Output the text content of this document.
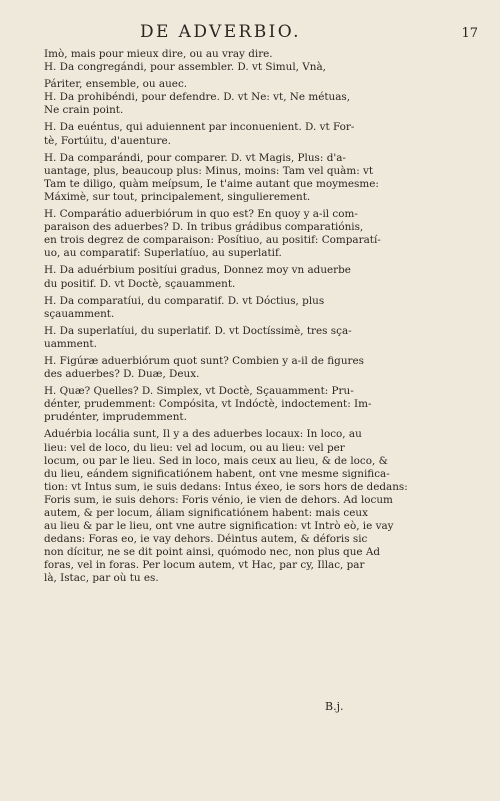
DE ADVERBIO.	17
Imò, mais pour mieux dire, ou au vray dire.
H. Da congregándi, pour assembler. D. vt Simul, Vnà,
Páriter, ensemble, ou auec.
H. Da prohibéndi, pour defendre. D. vt Ne: vt, Ne métuas,
Ne crain point.
H. Da euéntus, qui aduiennent par inconuenient. D. vt For-
tè, Fortúitu, d'auenture.
H. Da comparándi, pour comparer. D. vt Magis, Plus: d'a-
uantage, plus, beaucoup plus: Minus, moins: Tam vel quàm: vt
Tam te diligo, quàm meípsum, Ie t'aime autant que moymesme:
Máximè, sur tout, principalement, singulierement.
H. Comparátio aduerbiórum in quo est? En quoy y a-il com-
paraison des aduerbes? D. In tribus grádibus comparatiónis,
en trois degrez de comparaison: Posítiuo, au positif: Comparatí-
uo, au comparatif: Superlatíuo, au superlatif.
H. Da aduérbium positíui gradus, Donnez moy vn aduerbe
du positif. D. vt Doctè, sçauamment.
H. Da comparatíui, du comparatif. D. vt Dóctius, plus
sçauamment.
H. Da superlatíui, du superlatif. D. vt Doctíssimè, tres sça-
uamment.
H. Figúræ aduerbiórum quot sunt? Combien y a-il de figures
des aduerbes? D. Duæ, Deux.
H. Quæ? Quelles? D. Simplex, vt Doctè, Sçauamment: Pru-
dénter, prudemment: Compósita, vt Indóctè, indoctement: Im-
prudénter, imprudemment.
Aduérbia locália sunt, Il y a des aduerbes locaux: In loco, au
lieu: vel de loco, du lieu: vel ad locum, ou au lieu: vel per
locum, ou par le lieu. Sed in loco, mais ceux au lieu, & de loco, &
du lieu, eándem significatiónem habent, ont vne mesme significa-
tion: vt Intus sum, ie suis dedans: Intus éxeo, ie sors hors de dedans:
Foris sum, ie suis dehors: Foris vénio, ie vien de dehors. Ad locum
autem, & per locum, áliam significatiónem habent: mais ceux
au lieu & par le lieu, ont vne autre signification: vt Intrò eò, ie vay
dedans: Foras eo, ie vay dehors. Déintus autem, & déforis sic
non dícitur, ne se dit point ainsi, quómodo nec, non plus que Ad
foras, vel in foras. Per locum autem, vt Hac, par cy, Illac, par
là, Istac, par où tu es.
B.j.
